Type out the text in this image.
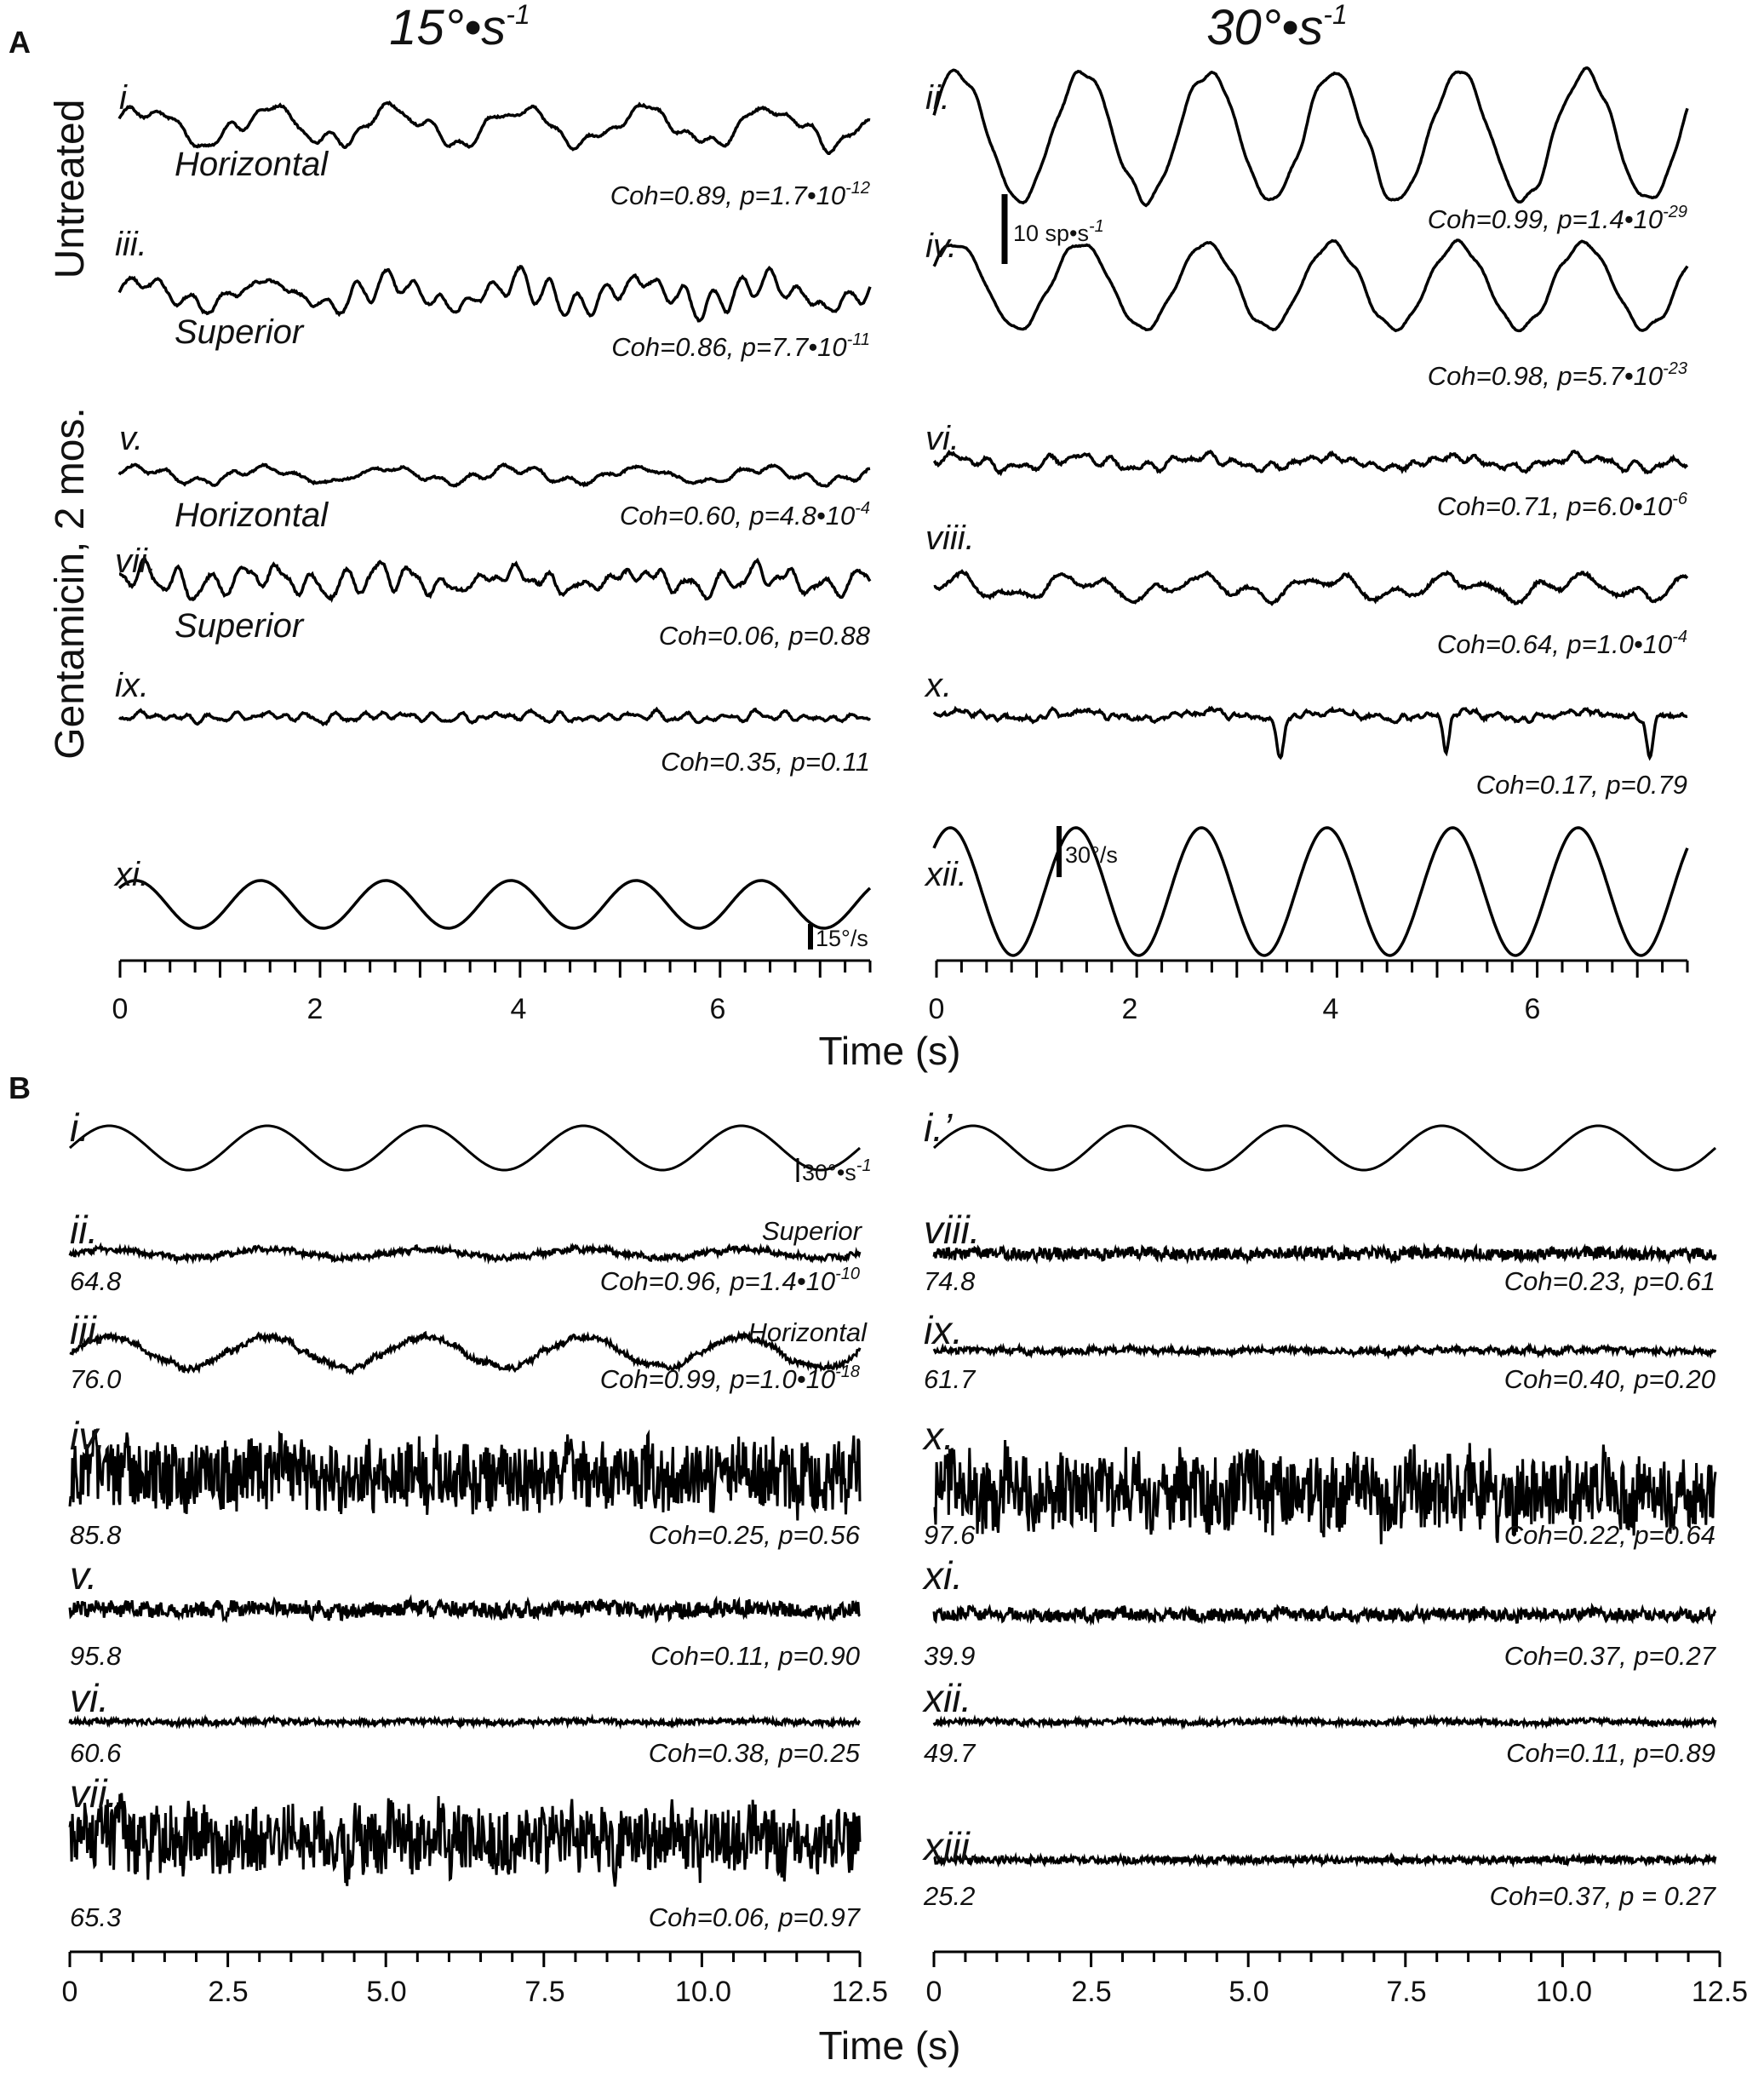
A
B
15°•s-1	30°•s-1
Untreated
Gentamicin, 2 mos.
i.	ii.
iii.	iv.
v.	vi.
vii.
viii.
ix.	x.
xi.	xii.
Horizontal
Superior
Horizontal
Superior
Coh=0.89, p=1.7•10-12
Coh=0.99, p=1.4•10-29
Coh=0.86, p=7.7•10-11
Coh=0.98, p=5.7•10-23
Coh=0.60, p=4.8•10-4	Coh=0.71, p=6.0•10-6
Coh=0.06, p=0.88	Coh=0.64, p=1.0•10-4
Coh=0.35, p=0.11
Coh=0.17, p=0.79
10 sp•s-1
15°/s
30°/s
0	2	4	6	0	2	4	6
Time (s)
i.	i.’
ii.
iii.
iv.
v.
vi.
vii.
viii.
ix.
x.
xi.
xii.
xiii.
Superior
Horizontal
30°•s-1
64.8
76.0
85.8
95.8
60.6
65.3
74.8
61.7
97.6
39.9
49.7
25.2
Coh=0.96, p=1.4•10-10
Coh=0.99, p=1.0•10-18
Coh=0.25, p=0.56
Coh=0.11, p=0.90
Coh=0.38, p=0.25
Coh=0.06, p=0.97
Coh=0.23, p=0.61
Coh=0.40, p=0.20
Coh=0.22, p=0.64
Coh=0.37, p=0.27
Coh=0.11, p=0.89
Coh=0.37, p = 0.27
0	2.5	5.0	7.5	10.0	12.5 0	2.5	5.0	7.5	10.0	12.5
Time (s)
